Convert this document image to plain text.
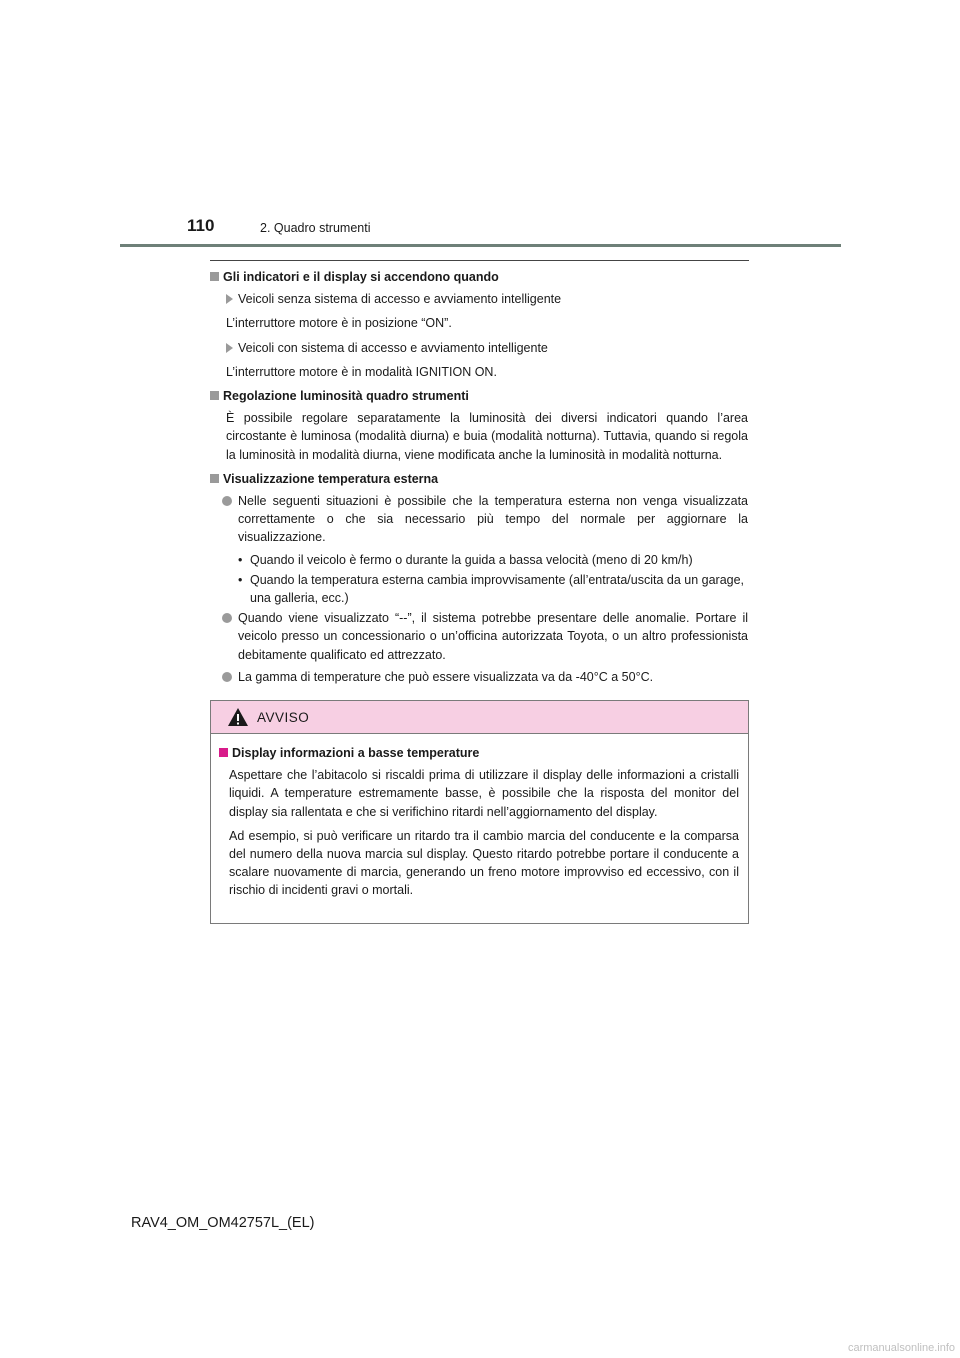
110	2. Quadro strumenti
Gli indicatori e il display si accendono quando
Veicoli senza sistema di accesso e avviamento intelligente

L’interruttore motore è in posizione “ON”.

Veicoli con sistema di accesso e avviamento intelligente

L’interruttore motore è in modalità IGNITION ON.

Regolazione luminosità quadro strumenti

È possibile regolare separatamente la luminosità dei diversi indicatori quando l’area circostante è luminosa (modalità diurna) e buia (modalità notturna). Tuttavia, quando si regola la luminosità in modalità diurna, viene modificata anche la luminosità in modalità notturna.

Visualizzazione temperatura esterna
Nelle seguenti situazioni è possibile che la temperatura esterna non venga visualizzata correttamente o che sia necessario più tempo del normale per aggiornare la visualizzazione.
• Quando il veicolo è fermo o durante la guida a bassa velocità (meno di 20 km/h)
• Quando la temperatura esterna cambia improvvisamente (all’entrata/uscita da un garage, una galleria, ecc.)
Quando viene visualizzato “--”, il sistema potrebbe presentare delle anomalie. Portare il veicolo presso un concessionario o un’officina autorizzata Toyota, o un altro professionista debitamente qualificato ed attrezzato.
La gamma di temperature che può essere visualizzata va da -40°C a 50°C.
AVVISO
Display informazioni a basse temperature

Aspettare che l’abitacolo si riscaldi prima di utilizzare il display delle informazioni a cristalli liquidi. A temperature estremamente basse, è possibile che la risposta del monitor del display sia rallentata e che si verifichino ritardi nell’aggiornamento del display.

Ad esempio, si può verificare un ritardo tra il cambio marcia del conducente e la comparsa del numero della nuova marcia sul display. Questo ritardo potrebbe portare il conducente a scalare nuovamente di marcia, generando un freno motore improvviso ed eccessivo, con il rischio di incidenti gravi o mortali.

RAV4_OM_OM42757L_(EL)
carmanualsonline.info
